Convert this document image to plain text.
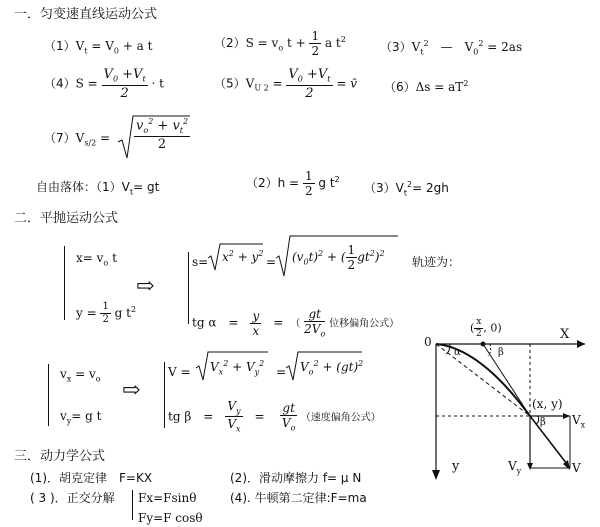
一．匀变速直线运动公式
$(1)V_t = V_0 + a$ t	$(2)S = v_o$ $t + \frac{1}{2}$ a $t^2$
$(3)V_t^2$　—　$V_0^2 = 2as$
$(4)S = \frac{V_0 +V_t}{2} \cdot t$	$(5)V_{U 2} = \frac{V_0 +V_t}{2}$ = v̄ $(6)\Delta s = aT^2$
$(7)V_{s/2} = \frac{v_o^2 + v_t^2}{2}$
自由落体：$(1)V_t=$ gt	$(2)h = \frac{1}{2}$ g $t^2$
$(3)V_t^2= 2gh$
二．平抛运动公式
$x= v_o$ t
$y = \frac{1}{2}$ g $t^2$
⇨
$s= x^2 + y^2$
= $(v_0t)^2$ + ( $\frac{1}{2} gt^2)^2$
轨迹为：
tg α　=　 $\frac{y}{x}$ 　=　（ $\frac{gt}{2V_o}$ 位移偏角公式）
$v_x = v_o$
$v_y= g$ t
⇨
$V = V_x^2 + V_y^2$
= $V_o^2 + (gt)^2$
tg β　=　 $\frac{V_y}{V_x}$ 　=　 $\frac{gt}{V_o}$ （速度偏角公式）
0	X
y
( $\frac{x}{2}$ , 0)
α	β
(x, y)
β $V_x$
$V_y$	V
三．动力学公式
(1)．胡克定律　F=KX	(2)．滑动摩擦力 f= μ N
( 3 )．正交分解 Fx=Fsinθ
Fy=F cosθ
(4). 牛顿第二定律:F=ma
